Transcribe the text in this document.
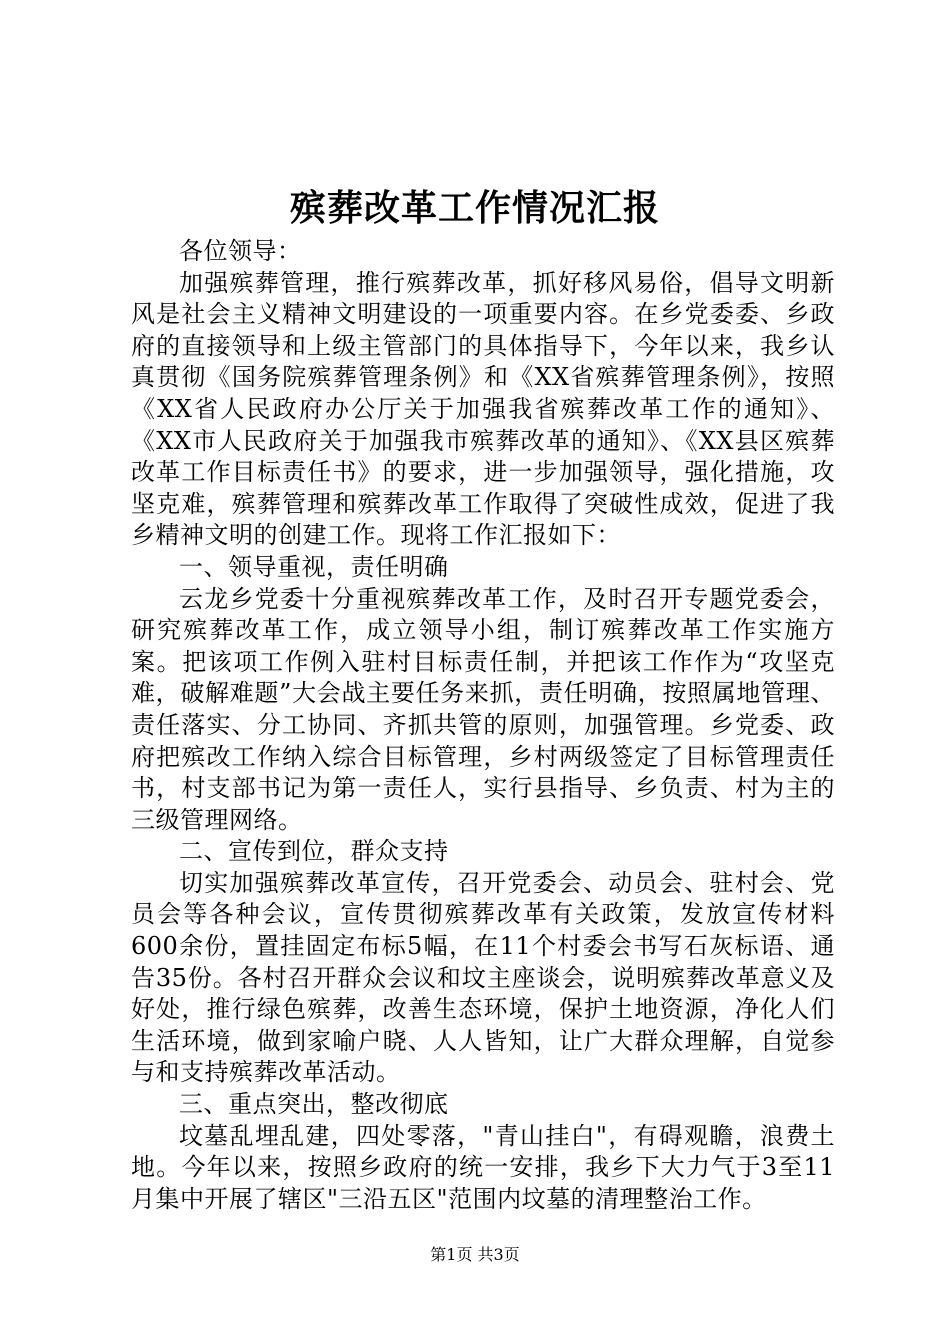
殡葬改革工作情况汇报

各位领导：

加强殡葬管理，推行殡葬改革，抓好移风易俗，倡导文明新风是社会主义精神文明建设的一项重要内容。在乡党委委、乡政府的直接领导和上级主管部门的具体指导下，今年以来，我乡认真贯彻《国务院殡葬管理条例》和《XX省殡葬管理条例》，按照《XX省人民政府办公厅关于加强我省殡葬改革工作的通知》、《XX市人民政府关于加强我市殡葬改革的通知》、《XX县区殡葬改革工作目标责任书》的要求，进一步加强领导，强化措施，攻坚克难，殡葬管理和殡葬改革工作取得了突破性成效，促进了我乡精神文明的创建工作。现将工作汇报如下：

一、领导重视，责任明确

云龙乡党委十分重视殡葬改革工作，及时召开专题党委会，研究殡葬改革工作，成立领导小组，制订殡葬改革工作实施方案。把该项工作例入驻村目标责任制，并把该工作作为“攻坚克难，破解难题”大会战主要任务来抓，责任明确，按照属地管理、责任落实、分工协同、齐抓共管的原则，加强管理。乡党委、政府把殡改工作纳入综合目标管理，乡村两级签定了目标管理责任书，村支部书记为第一责任人，实行县指导、乡负责、村为主的三级管理网络。

二、宣传到位，群众支持

切实加强殡葬改革宣传，召开党委会、动员会、驻村会、党员会等各种会议，宣传贯彻殡葬改革有关政策，发放宣传材料600余份，置挂固定布标5幅，在11个村委会书写石灰标语、通告35份。各村召开群众会议和坟主座谈会，说明殡葬改革意义及好处，推行绿色殡葬，改善生态环境，保护土地资源，净化人们生活环境，做到家喻户晓、人人皆知，让广大群众理解，自觉参与和支持殡葬改革活动。

三、重点突出，整改彻底

坟墓乱埋乱建，四处零落，"青山挂白"，有碍观瞻，浪费土地。今年以来，按照乡政府的统一安排，我乡下大力气于3至11月集中开展了辖区"三沿五区"范围内坟墓的清理整治工作。

第1页 共3页
